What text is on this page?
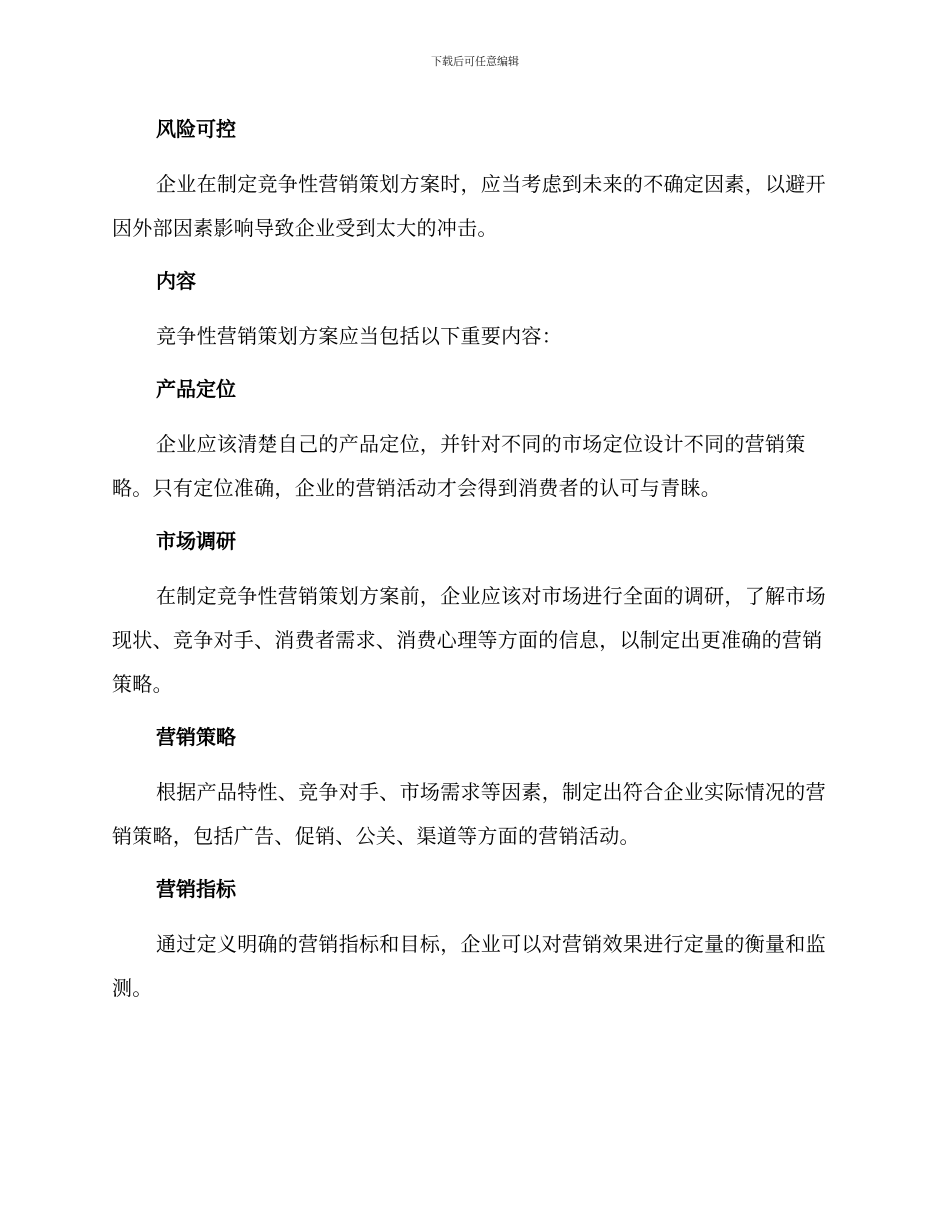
下载后可任意编辑
风险可控

企业在制定竞争性营销策划方案时，应当考虑到未来的不确定因素，以避开因外部因素影响导致企业受到太大的冲击。

内容

竞争性营销策划方案应当包括以下重要内容：

产品定位

企业应该清楚自己的产品定位，并针对不同的市场定位设计不同的营销策略。只有定位准确，企业的营销活动才会得到消费者的认可与青睐。

市场调研

在制定竞争性营销策划方案前，企业应该对市场进行全面的调研，了解市场现状、竞争对手、消费者需求、消费心理等方面的信息，以制定出更准确的营销策略。

营销策略

根据产品特性、竞争对手、市场需求等因素，制定出符合企业实际情况的营销策略，包括广告、促销、公关、渠道等方面的营销活动。

营销指标

通过定义明确的营销指标和目标，企业可以对营销效果进行定量的衡量和监测。
